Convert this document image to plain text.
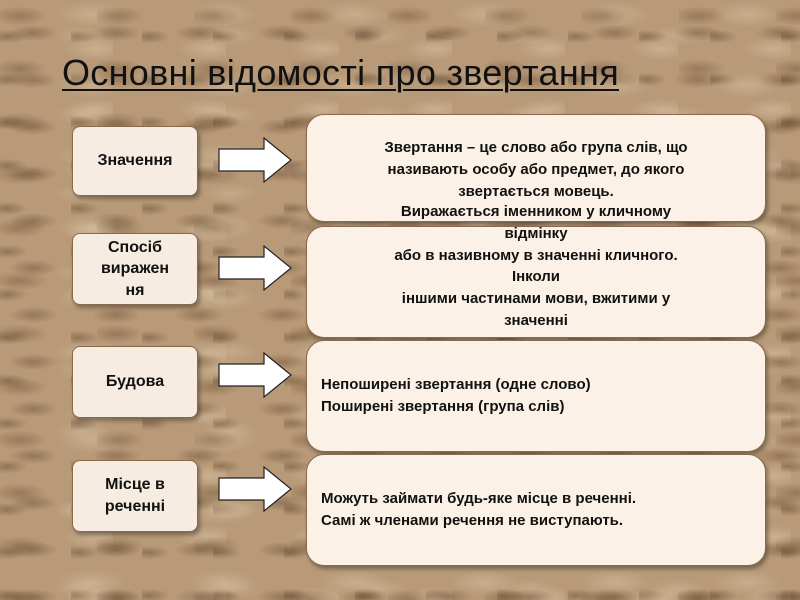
Основні відомості про звертання
Значення
Звертання – це слово або група слів, що
називають особу або предмет, до якого
звертається мовець.
Спосіб
виражен
ня
Виражається іменником у кличному
відмінку
або в називному в значенні кличного.
Інколи
іншими частинами мови, вжитими у
значенні
Будова	Непоширені звертання (одне слово)
Поширені звертання (група слів)
Місце в
реченні	Можуть займати будь-яке місце в реченні.
Самі ж членами речення не виступають.
